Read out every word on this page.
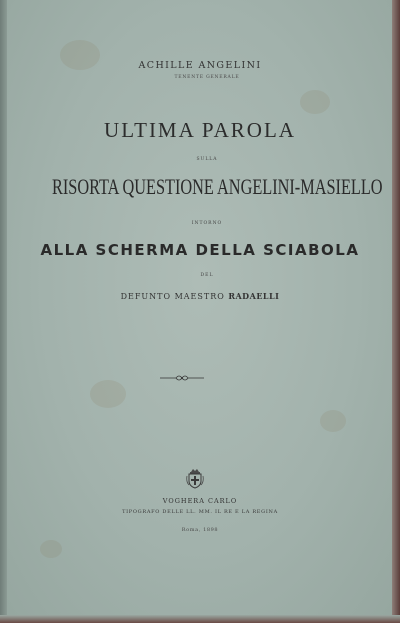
ACHILLE ANGELINI
TENENTE GENERALE
ULTIMA PAROLA
SULLA
RISORTA QUESTIONE ANGELINI-MASIELLO
INTORNO
ALLA SCHERMA DELLA SCIABOLA
DEL
DEFUNTO MAESTRO RADAELLI
VOGHERA CARLO
TIPOGRAFO DELLE LL. MM. IL RE E LA REGINA
Roma, 1898
